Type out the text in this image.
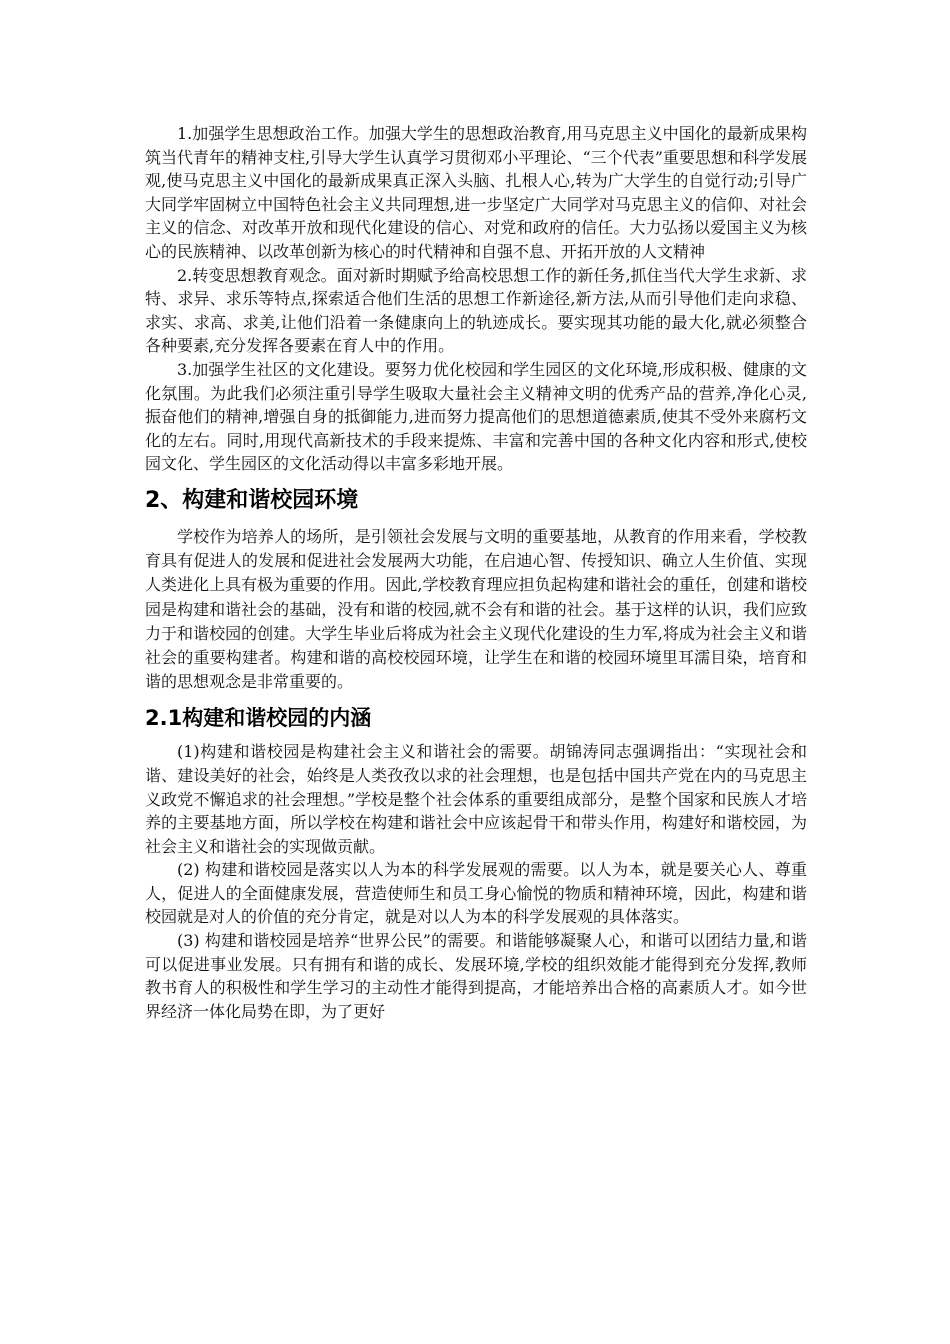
1.加强学生思想政治工作。加强大学生的思想政治教育,用马克思主义中国化的最新成果构筑当代青年的精神支柱,引导大学生认真学习贯彻邓小平理论、“三个代表”重要思想和科学发展观,使马克思主义中国化的最新成果真正深入头脑、扎根人心,转为广大学生的自觉行动;引导广大同学牢固树立中国特色社会主义共同理想,进一步坚定广大同学对马克思主义的信仰、对社会主义的信念、对改革开放和现代化建设的信心、对党和政府的信任。大力弘扬以爱国主义为核心的民族精神、以改革创新为核心的时代精神和自强不息、开拓开放的人文精神

2.转变思想教育观念。面对新时期赋予给高校思想工作的新任务,抓住当代大学生求新、求特、求异、求乐等特点,探索适合他们生活的思想工作新途径,新方法,从而引导他们走向求稳、求实、求高、求美,让他们沿着一条健康向上的轨迹成长。要实现其功能的最大化,就必须整合各种要素,充分发挥各要素在育人中的作用。

3.加强学生社区的文化建设。要努力优化校园和学生园区的文化环境,形成积极、健康的文化氛围。为此我们必须注重引导学生吸取大量社会主义精神文明的优秀产品的营养,净化心灵,振奋他们的精神,增强自身的抵御能力,进而努力提高他们的思想道德素质,使其不受外来腐朽文化的左右。同时,用现代高新技术的手段来提炼、丰富和完善中国的各种文化内容和形式,使校园文化、学生园区的文化活动得以丰富多彩地开展。

2、构建和谐校园环境

学校作为培养人的场所，是引领社会发展与文明的重要基地，从教育的作用来看，学校教育具有促进人的发展和促进社会发展两大功能，在启迪心智、传授知识、确立人生价值、实现人类进化上具有极为重要的作用。因此,学校教育理应担负起构建和谐社会的重任，创建和谐校园是构建和谐社会的基础，没有和谐的校园,就不会有和谐的社会。基于这样的认识，我们应致力于和谐校园的创建。大学生毕业后将成为社会主义现代化建设的生力军,将成为社会主义和谐社会的重要构建者。构建和谐的高校校园环境，让学生在和谐的校园环境里耳濡目染，培育和谐的思想观念是非常重要的。

2.1构建和谐校园的内涵

(1)构建和谐校园是构建社会主义和谐社会的需要。胡锦涛同志强调指出：“实现社会和谐、建设美好的社会，始终是人类孜孜以求的社会理想，也是包括中国共产党在内的马克思主义政党不懈追求的社会理想。”学校是整个社会体系的重要组成部分，是整个国家和民族人才培养的主要基地方面，所以学校在构建和谐社会中应该起骨干和带头作用，构建好和谐校园，为社会主义和谐社会的实现做贡献。

(2) 构建和谐校园是落实以人为本的科学发展观的需要。以人为本，就是要关心人、尊重人，促进人的全面健康发展，营造使师生和员工身心愉悦的物质和精神环境，因此，构建和谐校园就是对人的价值的充分肯定，就是对以人为本的科学发展观的具体落实。

(3) 构建和谐校园是培养“世界公民”的需要。和谐能够凝聚人心，和谐可以团结力量,和谐可以促进事业发展。只有拥有和谐的成长、发展环境,学校的组织效能才能得到充分发挥,教师教书育人的积极性和学生学习的主动性才能得到提高，才能培养出合格的高素质人才。如今世界经济一体化局势在即，为了更好
